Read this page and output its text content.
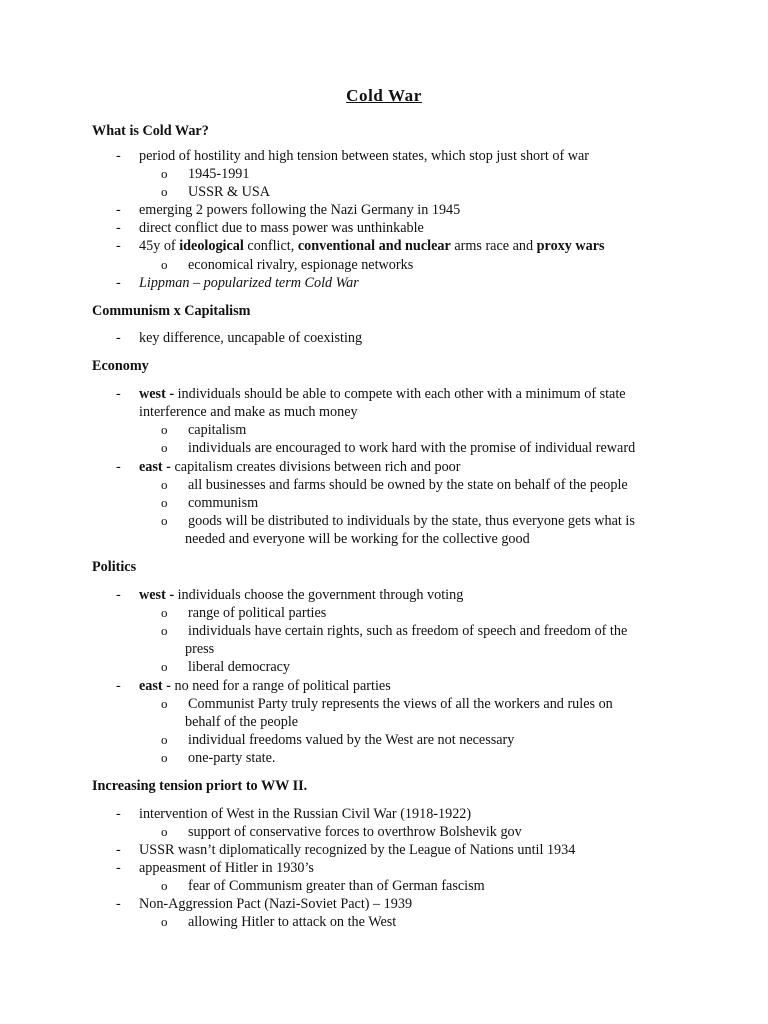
Cold War
What is Cold War?
- period of hostility and high tension between states, which stop just short of war
o 1945-1991
o USSR & USA
- emerging 2 powers following the Nazi Germany in 1945
- direct conflict due to mass power was unthinkable
- 45y of ideological conflict, conventional and nuclear arms race and proxy wars
o economical rivalry, espionage networks
- Lippman – popularized term Cold War
Communism x Capitalism
- key difference, uncapable of coexisting
Economy
- west - individuals should be able to compete with each other with a minimum of state
interference and make as much money
o capitalism
o individuals are encouraged to work hard with the promise of individual reward
- east - capitalism creates divisions between rich and poor
o all businesses and farms should be owned by the state on behalf of the people
o communism
o goods will be distributed to individuals by the state, thus everyone gets what is
needed and everyone will be working for the collective good
Politics
- west - individuals choose the government through voting
o range of political parties
o individuals have certain rights, such as freedom of speech and freedom of the
press
o liberal democracy
- east - no need for a range of political parties
o Communist Party truly represents the views of all the workers and rules on
behalf of the people
o individual freedoms valued by the West are not necessary
o one-party state.
Increasing tension priort to WW II.
- intervention of West in the Russian Civil War (1918-1922)
o support of conservative forces to overthrow Bolshevik gov
- USSR wasn’t diplomatically recognized by the League of Nations until 1934
- appeasment of Hitler in 1930’s
o fear of Communism greater than of German fascism
- Non-Aggression Pact (Nazi-Soviet Pact) – 1939
o allowing Hitler to attack on the West
